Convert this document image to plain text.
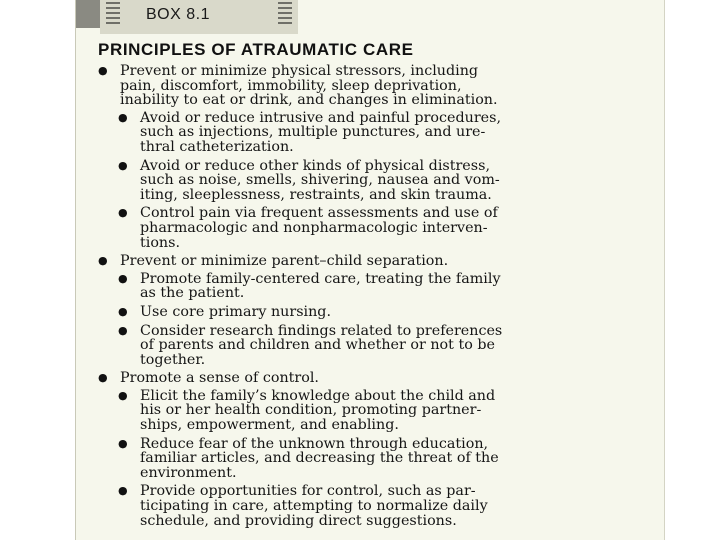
BOX 8.1
PRINCIPLES OF ATRAUMATIC CARE
● Prevent or minimize physical stressors, including
pain, discomfort, immobility, sleep deprivation,
inability to eat or drink, and changes in elimination.
● Avoid or reduce intrusive and painful procedures,
such as injections, multiple punctures, and ure-
thral catheterization.
● Avoid or reduce other kinds of physical distress,
such as noise, smells, shivering, nausea and vom-
iting, sleeplessness, restraints, and skin trauma.
● Control pain via frequent assessments and use of
pharmacologic and nonpharmacologic interven-
tions.
● Prevent or minimize parent–child separation.
● Promote family-centered care, treating the family
as the patient.
● Use core primary nursing.
● Consider research findings related to preferences
of parents and children and whether or not to be
together.
● Promote a sense of control.
● Elicit the family’s knowledge about the child and
his or her health condition, promoting partner-
ships, empowerment, and enabling.
● Reduce fear of the unknown through education,
familiar articles, and decreasing the threat of the
environment.
● Provide opportunities for control, such as par-
ticipating in care, attempting to normalize daily
schedule, and providing direct suggestions.
